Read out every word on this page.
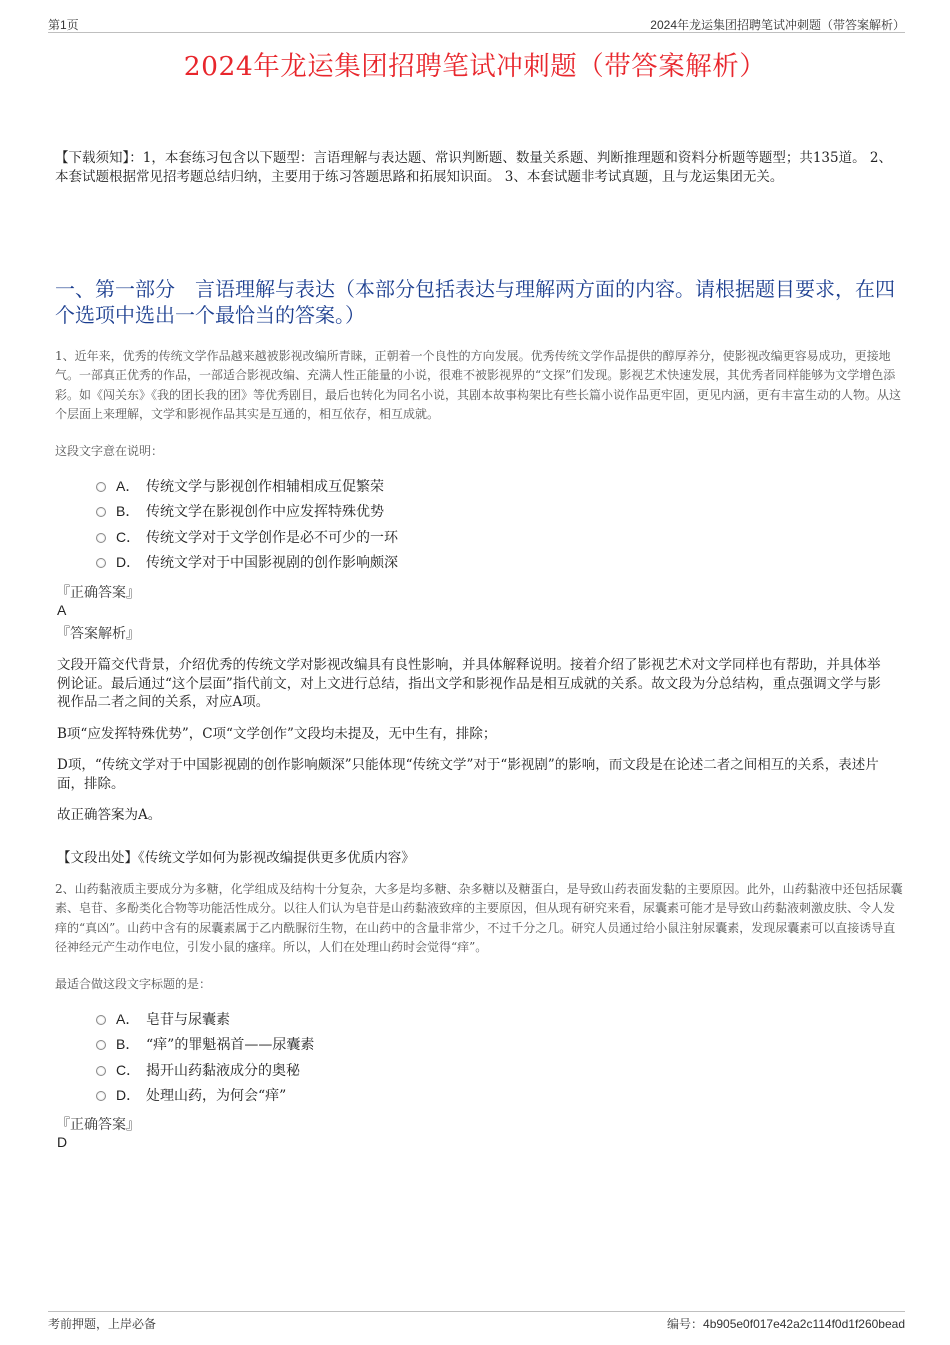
第1页	2024年龙运集团招聘笔试冲刺题（带答案解析）
2024年龙运集团招聘笔试冲刺题（带答案解析）
【下载须知】：1，本套练习包含以下题型：言语理解与表达题、常识判断题、数量关系题、判断推理题和资料分析题等题型；共135道。 2、本套试题根据常见招考题总结归纳，主要用于练习答题思路和拓展知识面。 3、本套试题非考试真题，且与龙运集团无关。
一、第一部分　言语理解与表达（本部分包括表达与理解两方面的内容。请根据题目要求，在四个选项中选出一个最恰当的答案。）
1、近年来，优秀的传统文学作品越来越被影视改编所青睐，正朝着一个良性的方向发展。优秀传统文学作品提供的醇厚养分，使影视改编更容易成功，更接地气。一部真正优秀的作品，一部适合影视改编、充满人性正能量的小说，很难不被影视界的“文探”们发现。影视艺术快速发展，其优秀者同样能够为文学增色添彩。如《闯关东》《我的团长我的团》等优秀剧目，最后也转化为同名小说，其剧本故事构架比有些长篇小说作品更牢固，更见内涵，更有丰富生动的人物。从这个层面上来理解，文学和影视作品其实是互通的，相互依存，相互成就。
这段文字意在说明：
A． 传统文学与影视创作相辅相成互促繁荣
B． 传统文学在影视创作中应发挥特殊优势
C． 传统文学对于文学创作是必不可少的一环
D． 传统文学对于中国影视剧的创作影响颇深
『正确答案』
A
『答案解析』

文段开篇交代背景，介绍优秀的传统文学对影视改编具有良性影响，并具体解释说明。接着介绍了影视艺术对文学同样也有帮助，并具体举例论证。最后通过“这个层面”指代前文，对上文进行总结，指出文学和影视作品是相互成就的关系。故文段为分总结构，重点强调文学与影视作品二者之间的关系，对应A项。

B项“应发挥特殊优势”，C项“文学创作”文段均未提及，无中生有，排除；

D项，“传统文学对于中国影视剧的创作影响颇深”只能体现“传统文学”对于“影视剧”的影响，而文段是在论述二者之间相互的关系，表述片面，排除。

故正确答案为A。

【文段出处】《传统文学如何为影视改编提供更多优质内容》
2、山药黏液质主要成分为多糖，化学组成及结构十分复杂，大多是均多糖、杂多糖以及糖蛋白，是导致山药表面发黏的主要原因。此外，山药黏液中还包括尿囊素、皂苷、多酚类化合物等功能活性成分。以往人们认为皂苷是山药黏液致痒的主要原因，但从现有研究来看，尿囊素可能才是导致山药黏液刺激皮肤、令人发痒的“真凶”。山药中含有的尿囊素属于乙内酰脲衍生物，在山药中的含量非常少，不过千分之几。研究人员通过给小鼠注射尿囊素，发现尿囊素可以直接诱导直径神经元产生动作电位，引发小鼠的瘙痒。所以，人们在处理山药时会觉得“痒”。
最适合做这段文字标题的是：
A． 皂苷与尿囊素
B． “痒”的罪魁祸首——尿囊素
C． 揭开山药黏液成分的奥秘
D． 处理山药，为何会“痒”
『正确答案』
D
考前押题，上岸必备	编号：4b905e0f017e42a2c114f0d1f260bead
